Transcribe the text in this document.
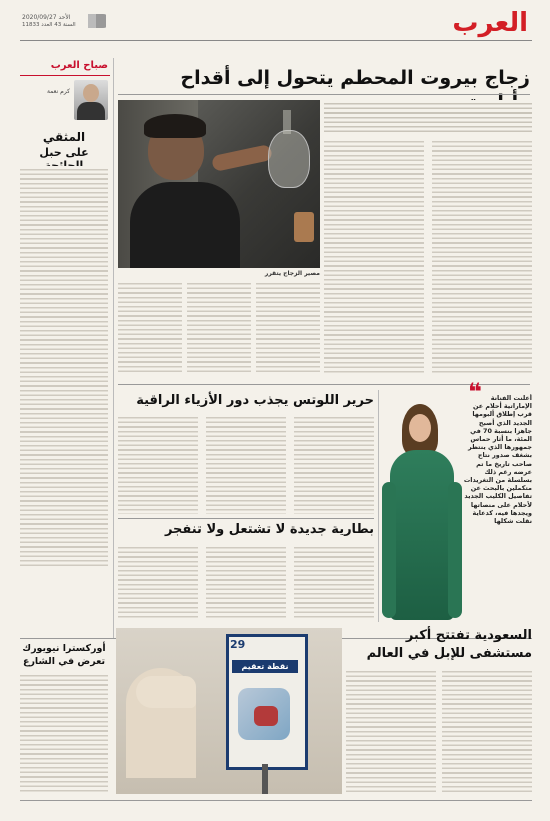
الأحد 2020/09/27
السنة 43 العدد 11833	العرب
صباح العرب
كرم نعمة
المثقي
على حبل
زجاج بيروت المحطم يتحول إلى أقداح
مصير الزجاج يتقرر
حرير اللوتس يجذب دور الأزياء الراقية
بطارية جديدة لا تشتعل ولا تنفجر
❝	أعلنت الفنانة الإماراتية أحلام عن قرب إطلاق ألبومها الجديد الذي أصبح جاهزا بنسبة 70 في المئة، ما أثار حماس جمهورها الذي ينتظر بشغف صدور نتاج صاحب تاريخ ما تم عرضه رغم ذلك بسلسلة من التغريدات متكملين بالبحث عن تفاصيل الكليب الجديد لأحلام على منصاتها ويجدها فيه، كدعاية نقلت شكلها
أوركسترا نيويورك
تعرض في الشارع
السعودية تفتتح أكبر
مستشفى للإبل في العالم
29
نقطة تعقيم
